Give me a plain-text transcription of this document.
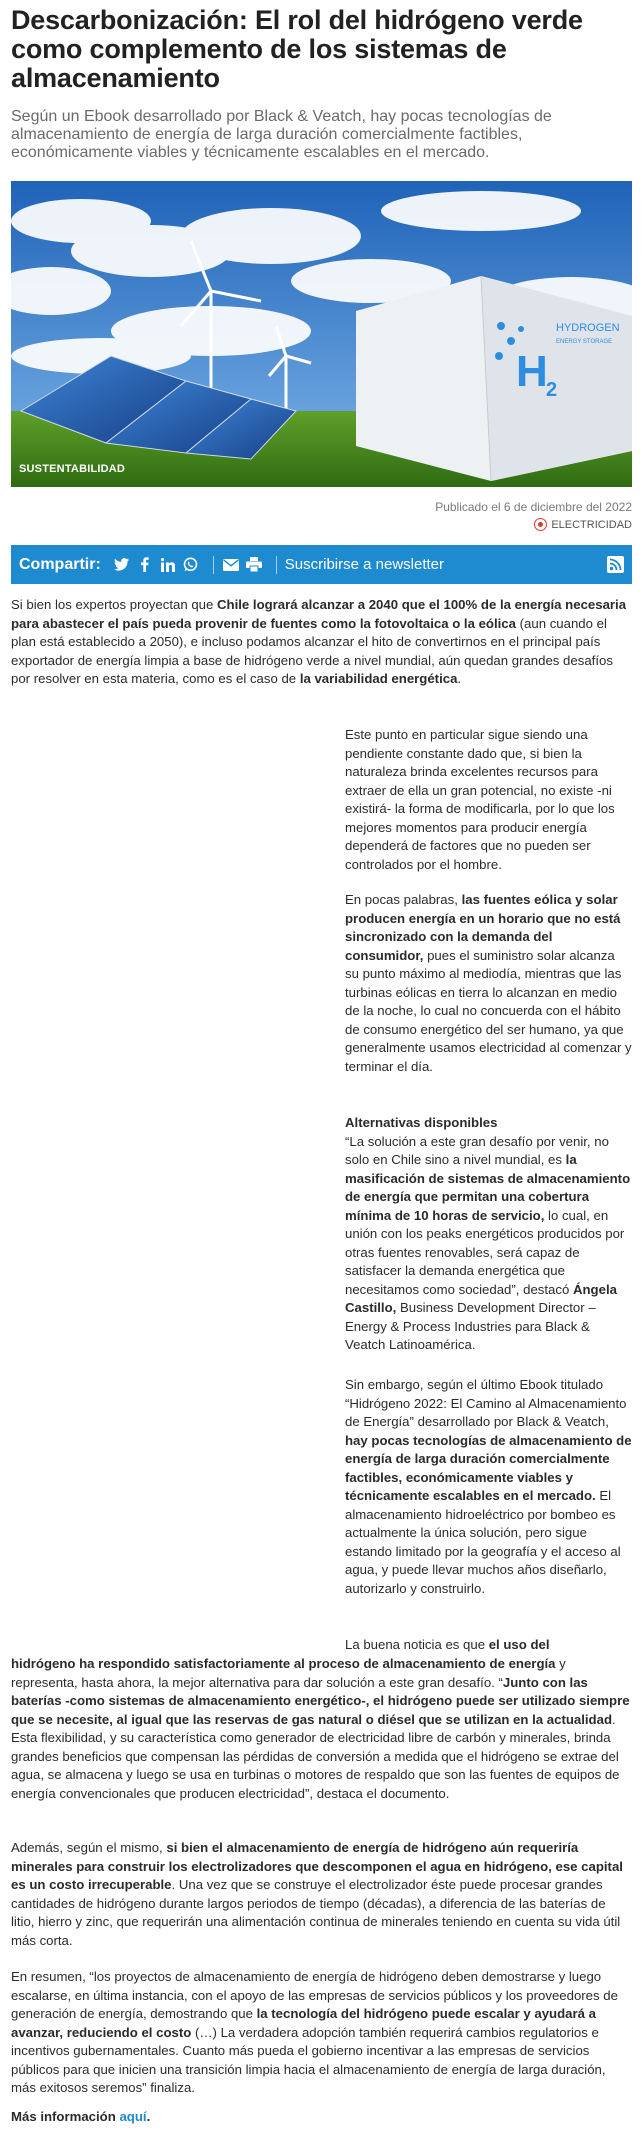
Descarbonización: El rol del hidrógeno verde como complemento de los sistemas de almacenamiento
Según un Ebook desarrollado por Black & Veatch, hay pocas tecnologías de almacenamiento de energía de larga duración comercialmente factibles, económicamente viables y técnicamente escalables en el mercado.
H
2
HYDROGEN
ENERGY STORAGE
SUSTENTABILIDAD
Publicado el 6 de diciembre del 2022
ELECTRICIDAD
Compartir:	Suscribirse a newsletter

Si bien los expertos proyectan que Chile logrará alcanzar a 2040 que el 100% de la energía necesaria para abastecer el país pueda provenir de fuentes como la fotovoltaica o la eólica (aun cuando el plan está establecido a 2050), e incluso podamos alcanzar el hito de convertirnos en el principal país exportador de energía limpia a base de hidrógeno verde a nivel mundial, aún quedan grandes desafíos por resolver en esta materia, como es el caso de la variabilidad energética.

Este punto en particular sigue siendo una pendiente constante dado que, si bien la naturaleza brinda excelentes recursos para extraer de ella un gran potencial, no existe -ni existirá- la forma de modificarla, por lo que los mejores momentos para producir energía dependerá de factores que no pueden ser controlados por el hombre.

En pocas palabras, las fuentes eólica y solar producen energía en un horario que no está sincronizado con la demanda del consumidor, pues el suministro solar alcanza su punto máximo al mediodía, mientras que las turbinas eólicas en tierra lo alcanzan en medio de la noche, lo cual no concuerda con el hábito de consumo energético del ser humano, ya que generalmente usamos electricidad al comenzar y terminar el día.

Alternativas disponibles
“La solución a este gran desafío por venir, no solo en Chile sino a nivel mundial, es la masificación de sistemas de almacenamiento de energía que permitan una cobertura mínima de 10 horas de servicio, lo cual, en unión con los peaks energéticos producidos por otras fuentes renovables, será capaz de satisfacer la demanda energética que necesitamos como sociedad”, destacó Ángela Castillo, Business Development Director – Energy & Process Industries para Black & Veatch Latinoamérica.

Sin embargo, según el último Ebook titulado “Hidrógeno 2022: El Camino al Almacenamiento de Energía” desarrollado por Black & Veatch, hay pocas tecnologías de almacenamiento de energía de larga duración comercialmente factibles, económicamente viables y técnicamente escalables en el mercado. El almacenamiento hidroeléctrico por bombeo es actualmente la única solución, pero sigue estando limitado por la geografía y el acceso al agua, y puede llevar muchos años diseñarlo, autorizarlo y construirlo.

La buena noticia es que el uso del

hidrógeno ha respondido satisfactoriamente al proceso de almacenamiento de energía y representa, hasta ahora, la mejor alternativa para dar solución a este gran desafío. “Junto con las baterías -como sistemas de almacenamiento energético-, el hidrógeno puede ser utilizado siempre que se necesite, al igual que las reservas de gas natural o diésel que se utilizan en la actualidad. Esta flexibilidad, y su característica como generador de electricidad libre de carbón y minerales, brinda grandes beneficios que compensan las pérdidas de conversión a medida que el hidrógeno se extrae del agua, se almacena y luego se usa en turbinas o motores de respaldo que son las fuentes de equipos de energía convencionales que producen electricidad”, destaca el documento.

Además, según el mismo, si bien el almacenamiento de energía de hidrógeno aún requeriría minerales para construir los electrolizadores que descomponen el agua en hidrógeno, ese capital es un costo irrecuperable. Una vez que se construye el electrolizador éste puede procesar grandes cantidades de hidrógeno durante largos periodos de tiempo (décadas), a diferencia de las baterías de litio, hierro y zinc, que requerirán una alimentación continua de minerales teniendo en cuenta su vida útil más corta.

En resumen, “los proyectos de almacenamiento de energía de hidrógeno deben demostrarse y luego escalarse, en última instancia, con el apoyo de las empresas de servicios públicos y los proveedores de generación de energía, demostrando que la tecnología del hidrógeno puede escalar y ayudará a avanzar, reduciendo el costo (…) La verdadera adopción también requerirá cambios regulatorios e incentivos gubernamentales. Cuanto más pueda el gobierno incentivar a las empresas de servicios públicos para que inicien una transición limpia hacia el almacenamiento de energía de larga duración, más exitosos seremos” finaliza.

Más información aquí.
